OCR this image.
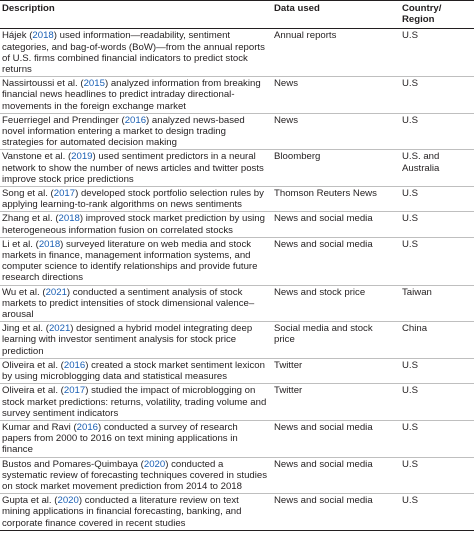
Description	Data used	Country/ Region
Hájek (2018) used information—readability, sentiment categories, and bag-of-words (BoW)—from the annual reports of U.S. firms combined financial indicators to predict stock returns	Annual reports	U.S
Nassirtoussi et al. (2015) analyzed information from breaking financial news headlines to predict intraday directional-movements in the foreign exchange market	News	U.S
Feuerriegel and Prendinger (2016) analyzed news-based novel information entering a market to design trading strategies for automated decision making	News	U.S
Vanstone et al. (2019) used sentiment predictors in a neural network to show the number of news articles and twitter posts improve stock price predictions	Bloomberg	U.S. and Australia
Song et al. (2017) developed stock portfolio selection rules by applying learning-to-rank algorithms on news sentiments	Thomson Reuters News	U.S
Zhang et al. (2018) improved stock market prediction by using heterogeneous information fusion on correlated stocks	News and social media	U.S
Li et al. (2018) surveyed literature on web media and stock markets in finance, management information systems, and computer science to identify relationships and provide future research directions	News and social media	U.S
Wu et al. (2021) conducted a sentiment analysis of stock markets to predict intensities of stock dimensional valence–arousal	News and stock price	Taiwan
Jing et al. (2021) designed a hybrid model integrating deep learning with investor sentiment analysis for stock price prediction	Social media and stock price	China
Oliveira et al. (2016) created a stock market sentiment lexicon by using microblogging data and statistical measures	Twitter	U.S
Oliveira et al. (2017) studied the impact of microblogging on stock market predictions: returns, volatility, trading volume and survey sentiment indicators	Twitter	U.S
Kumar and Ravi (2016) conducted a survey of research papers from 2000 to 2016 on text mining applications in finance	News and social media	U.S
Bustos and Pomares-Quimbaya (2020) conducted a systematic review of forecasting techniques covered in studies on stock market movement prediction from 2014 to 2018	News and social media	U.S
Gupta et al. (2020) conducted a literature review on text mining applications in financial forecasting, banking, and corporate finance covered in recent studies	News and social media	U.S
